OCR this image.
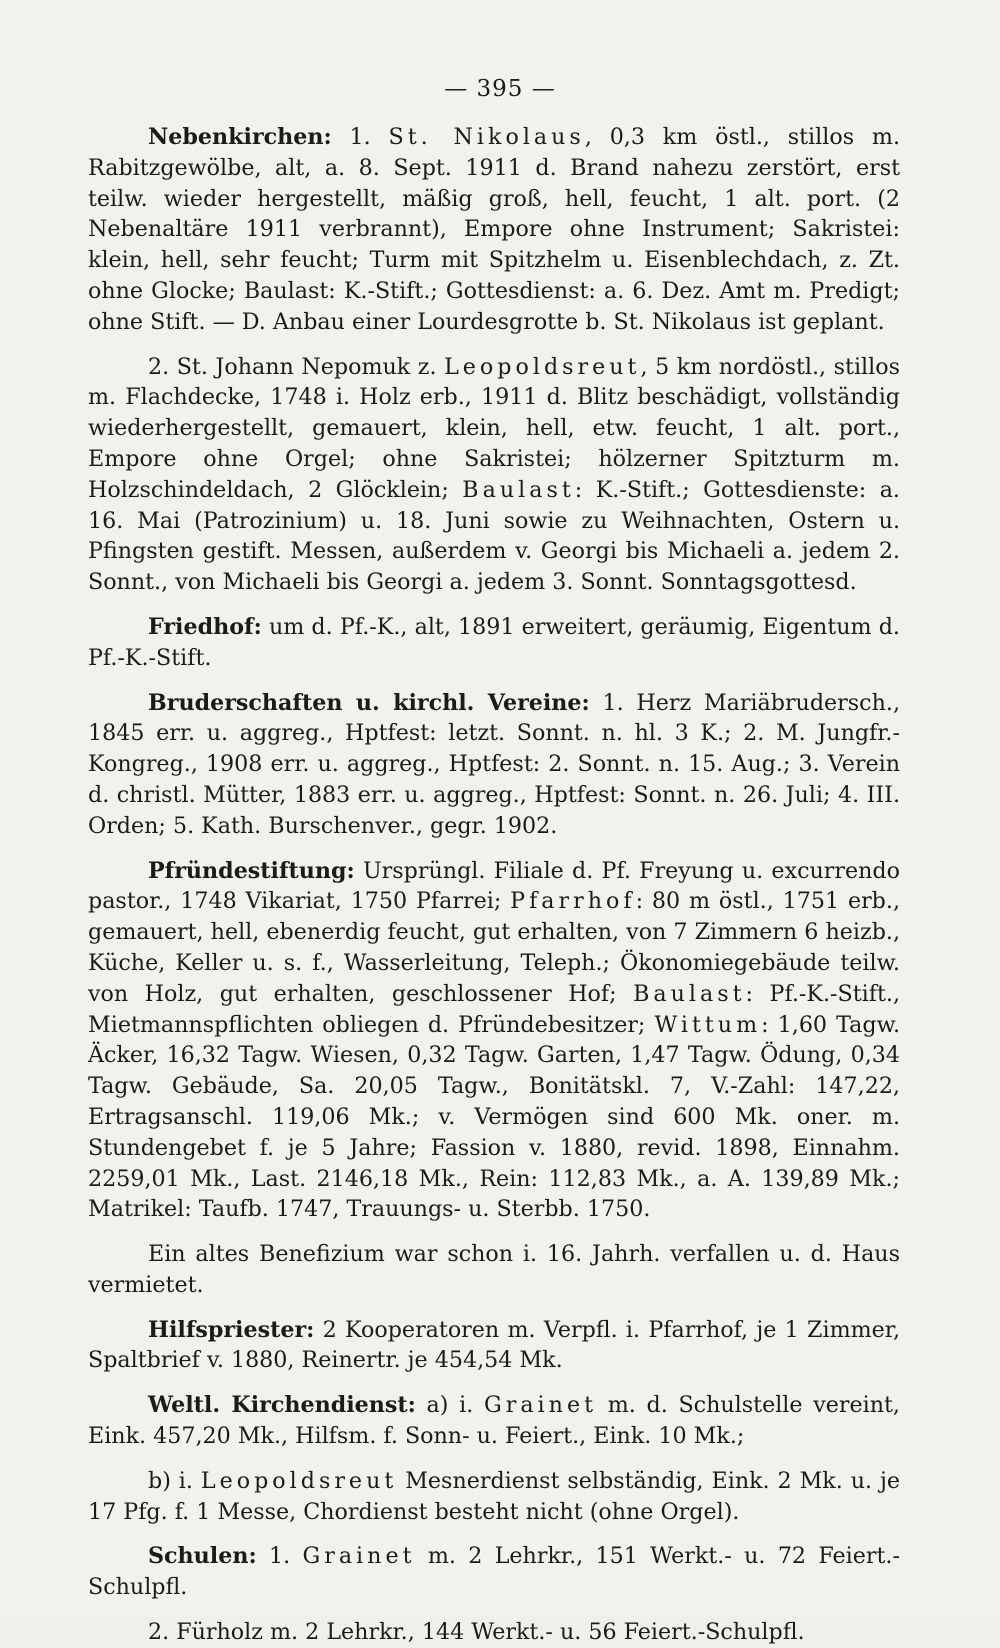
— 395 —

Nebenkirchen: 1. St. Nikolaus, 0,3 km östl., stillos m. Rabitzgewölbe, alt, a. 8. Sept. 1911 d. Brand nahezu zerstört, erst teilw. wieder hergestellt, mäßig groß, hell, feucht, 1 alt. port. (2 Nebenaltäre 1911 verbrannt), Empore ohne Instrument; Sakristei: klein, hell, sehr feucht; Turm mit Spitzhelm u. Eisenblechdach, z. Zt. ohne Glocke; Baulast: K.-Stift.; Gottesdienst: a. 6. Dez. Amt m. Predigt; ohne Stift. — D. Anbau einer Lourdesgrotte b. St. Nikolaus ist geplant.

2. St. Johann Nepomuk z. Leopoldsreut, 5 km nordöstl., stillos m. Flachdecke, 1748 i. Holz erb., 1911 d. Blitz beschädigt, vollständig wiederhergestellt, gemauert, klein, hell, etw. feucht, 1 alt. port., Empore ohne Orgel; ohne Sakristei; hölzerner Spitzturm m. Holzschindeldach, 2 Glöcklein; Baulast: K.-Stift.; Gottesdienste: a. 16. Mai (Patrozinium) u. 18. Juni sowie zu Weihnachten, Ostern u. Pfingsten gestift. Messen, außerdem v. Georgi bis Michaeli a. jedem 2. Sonnt., von Michaeli bis Georgi a. jedem 3. Sonnt. Sonntagsgottesd.

Friedhof: um d. Pf.-K., alt, 1891 erweitert, geräumig, Eigentum d. Pf.-K.-Stift.

Bruderschaften u. kirchl. Vereine: 1. Herz Mariäbrudersch., 1845 err. u. aggreg., Hptfest: letzt. Sonnt. n. hl. 3 K.; 2. M. Jungfr.-Kongreg., 1908 err. u. aggreg., Hptfest: 2. Sonnt. n. 15. Aug.; 3. Verein d. christl. Mütter, 1883 err. u. aggreg., Hptfest: Sonnt. n. 26. Juli; 4. III. Orden; 5. Kath. Burschenver., gegr. 1902.

Pfründestiftung: Ursprüngl. Filiale d. Pf. Freyung u. excurrendo pastor., 1748 Vikariat, 1750 Pfarrei; Pfarrhof: 80 m östl., 1751 erb., gemauert, hell, ebenerdig feucht, gut erhalten, von 7 Zimmern 6 heizb., Küche, Keller u. s. f., Wasserleitung, Teleph.; Ökonomiegebäude teilw. von Holz, gut erhalten, geschlossener Hof; Baulast: Pf.-K.-Stift., Mietmannspflichten obliegen d. Pfründebesitzer; Wittum: 1,60 Tagw. Äcker, 16,32 Tagw. Wiesen, 0,32 Tagw. Garten, 1,47 Tagw. Ödung, 0,34 Tagw. Gebäude, Sa. 20,05 Tagw., Bonitätskl. 7, V.-Zahl: 147,22, Ertragsanschl. 119,06 Mk.; v. Vermögen sind 600 Mk. oner. m. Stundengebet f. je 5 Jahre; Fassion v. 1880, revid. 1898, Einnahm. 2259,01 Mk., Last. 2146,18 Mk., Rein: 112,83 Mk., a. A. 139,89 Mk.; Matrikel: Taufb. 1747, Trauungs- u. Sterbb. 1750.

Ein altes Benefizium war schon i. 16. Jahrh. verfallen u. d. Haus vermietet.

Hilfspriester: 2 Kooperatoren m. Verpfl. i. Pfarrhof, je 1 Zimmer, Spaltbrief v. 1880, Reinertr. je 454,54 Mk.

Weltl. Kirchendienst: a) i. Grainet m. d. Schulstelle vereint, Eink. 457,20 Mk., Hilfsm. f. Sonn- u. Feiert., Eink. 10 Mk.;

b) i. Leopoldsreut Mesnerdienst selbständig, Eink. 2 Mk. u. je 17 Pfg. f. 1 Messe, Chordienst besteht nicht (ohne Orgel).

Schulen: 1. Grainet m. 2 Lehrkr., 151 Werkt.- u. 72 Feiert.-Schulpfl.

2. Fürholz m. 2 Lehrkr., 144 Werkt.- u. 56 Feiert.-Schulpfl.
